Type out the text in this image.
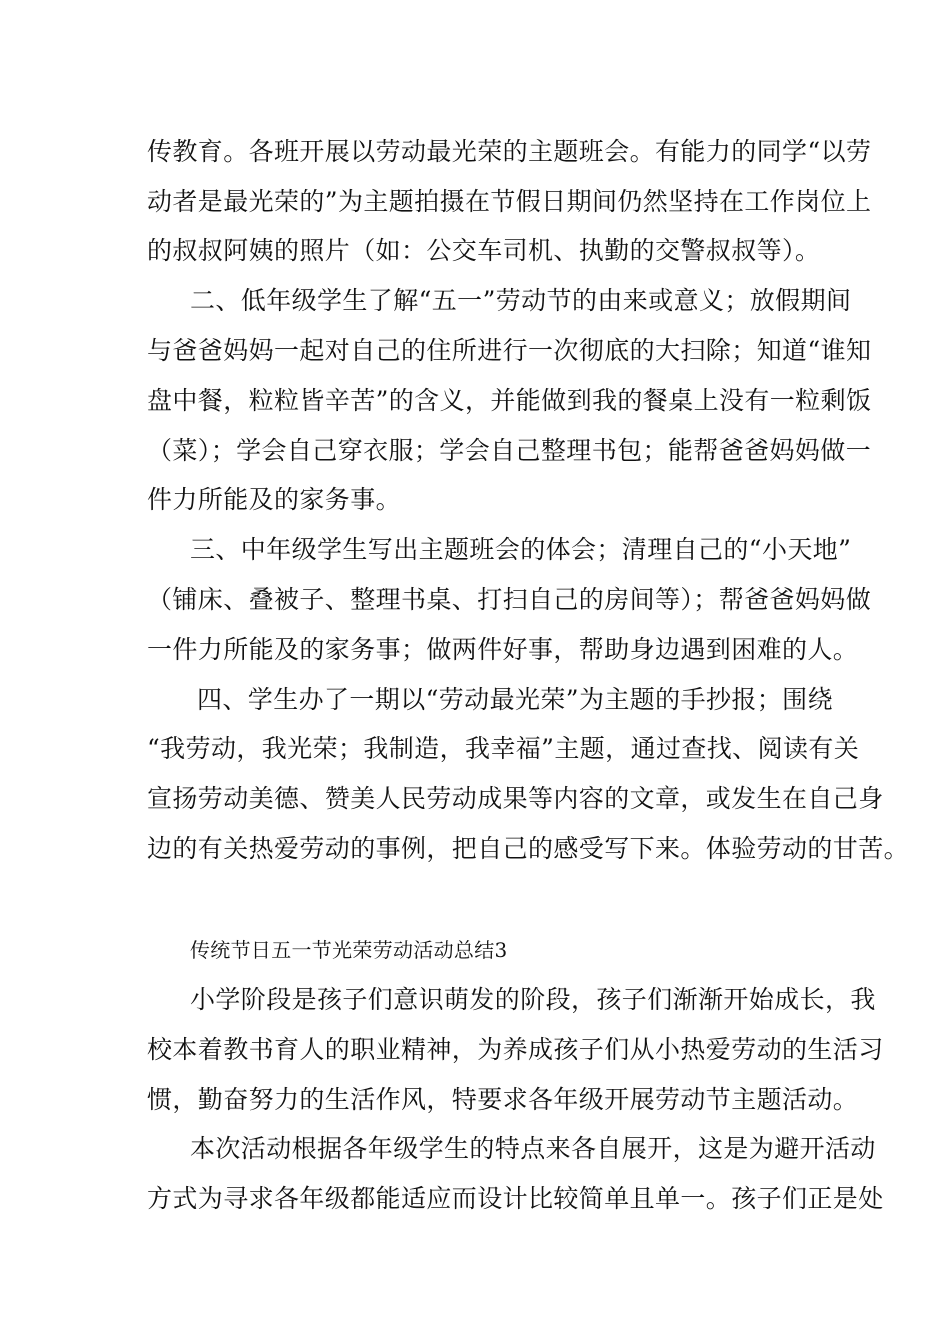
传教育。各班开展以劳动最光荣的主题班会。有能力的同学“以劳
动者是最光荣的”为主题拍摄在节假日期间仍然坚持在工作岗位上
的叔叔阿姨的照片（如：公交车司机、执勤的交警叔叔等）。
二、低年级学生了解“五一”劳动节的由来或意义；放假期间
与爸爸妈妈一起对自己的住所进行一次彻底的大扫除；知道“谁知
盘中餐，粒粒皆辛苦”的含义，并能做到我的餐桌上没有一粒剩饭
（菜）；学会自己穿衣服；学会自己整理书包；能帮爸爸妈妈做一
件力所能及的家务事。
三、中年级学生写出主题班会的体会；清理自己的“小天地”
（铺床、叠被子、整理书桌、打扫自己的房间等）；帮爸爸妈妈做
一件力所能及的家务事；做两件好事，帮助身边遇到困难的人。
四、学生办了一期以“劳动最光荣”为主题的手抄报；围绕
“我劳动，我光荣；我制造，我幸福”主题，通过查找、阅读有关
宣扬劳动美德、赞美人民劳动成果等内容的文章，或发生在自己身
边的有关热爱劳动的事例，把自己的感受写下来。体验劳动的甘苦。
传统节日五一节光荣劳动活动总结3
小学阶段是孩子们意识萌发的阶段，孩子们渐渐开始成长，我
校本着教书育人的职业精神，为养成孩子们从小热爱劳动的生活习
惯，勤奋努力的生活作风，特要求各年级开展劳动节主题活动。
本次活动根据各年级学生的特点来各自展开，这是为避开活动
方式为寻求各年级都能适应而设计比较简单且单一。孩子们正是处
